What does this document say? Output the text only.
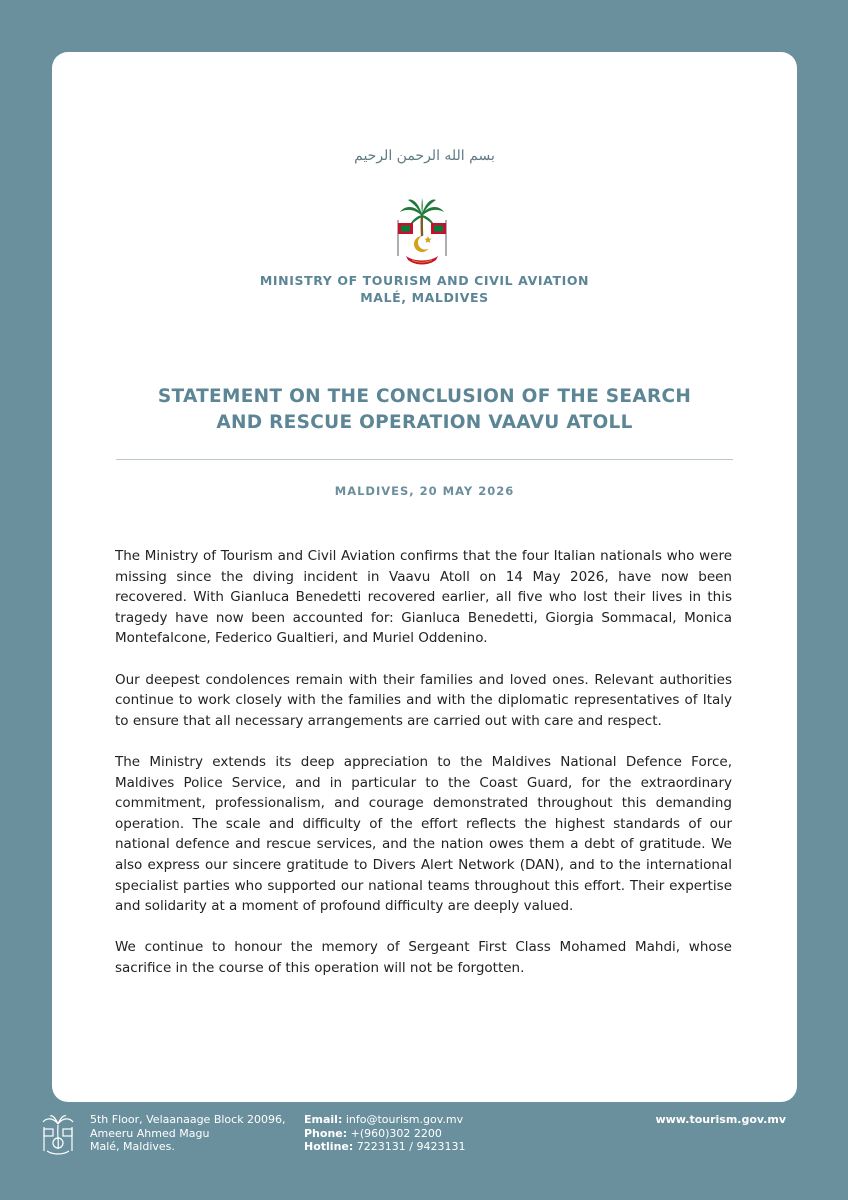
بسم الله الرحمن الرحيم
MINISTRY OF TOURISM AND CIVIL AVIATION
MALÉ, MALDIVES
STATEMENT ON THE CONCLUSION OF THE SEARCH
AND RESCUE OPERATION VAAVU ATOLL
MALDIVES, 20 MAY 2026

The Ministry of Tourism and Civil Aviation confirms that the four Italian nationals who were missing since the diving incident in Vaavu Atoll on 14 May 2026, have now been recovered. With Gianluca Benedetti recovered earlier, all five who lost their lives in this tragedy have now been accounted for: Gianluca Benedetti, Giorgia Sommacal, Monica Montefalcone, Federico Gualtieri, and Muriel Oddenino.

Our deepest condolences remain with their families and loved ones. Relevant authorities continue to work closely with the families and with the diplomatic representatives of Italy to ensure that all necessary arrangements are carried out with care and respect.

The Ministry extends its deep appreciation to the Maldives National Defence Force, Maldives Police Service, and in particular to the Coast Guard, for the extraordinary commitment, professionalism, and courage demonstrated throughout this demanding operation. The scale and difficulty of the effort reflects the highest standards of our national defence and rescue services, and the nation owes them a debt of gratitude. We also express our sincere gratitude to Divers Alert Network (DAN), and to the international specialist parties who supported our national teams throughout this effort. Their expertise and solidarity at a moment of profound difficulty are deeply valued.

We continue to honour the memory of Sergeant First Class Mohamed Mahdi, whose sacrifice in the course of this operation will not be forgotten.

5th Floor, Velaanaage Block 20096,
Ameeru Ahmed Magu
Malé, Maldives.
Email: info@tourism.gov.mv
Phone: +(960)302 2200
Hotline: 7223131 / 9423131
www.tourism.gov.mv
